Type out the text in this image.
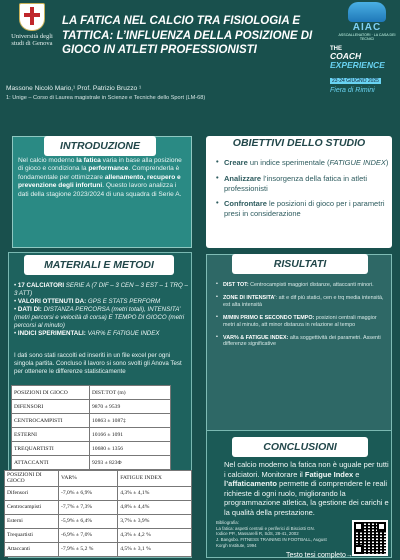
Università degli studi di Genova
LA FATICA NEL CALCIO TRA FISIOLOGIA E TATTICA: L’INFLUENZA DELLA POSIZIONE DI GIOCO IN ATLETI PROFESSIONISTI
AIAC
ASSOALLENATORI · LA CASA DEI TECNICI
THE
COACH
EXPERIENCE
23·24 GIUGNO 2025
Fiera di Rimini
Massone Nicolò Mario,¹ Prof. Patrizio Bruzzo ¹
1: Unige – Corso di Laurea magistrale in Scienze e Tecniche dello Sport (LM-68)
INTRODUZIONE
Nel calcio moderno la fatica varia in base alla posizione di gioco e condiziona la performance. Comprenderla è fondamentale per ottimizzare allenamento, recupero e prevenzione degli infortuni. Questo lavoro analizza i dati della stagione 2023/2024 di una squadra di Serie A.
OBIETTIVI DELLO STUDIO
• Creare un indice sperimentale (FATIGUE INDEX)
• Analizzare l’insorgenza della fatica in atleti professionisti
• Confrontare le posizioni di gioco per i parametri presi in considerazione
MATERIALI E METODI
• 17 CALCIATORI SERIE A (7 DIF – 3 CEN – 3 EST – 1 TRQ – 3 ATT)
• VALORI OTTENUTI DA: GPS E STATS PERFORM
• DATI DI: DISTANZA PERCORSA (metri totali), INTENSITA’ (metri percorsi e velocità di corsa) E TEMPO DI GIOCO (metri percorsi al minuto)
• INDICI SPERIMENTALI: VAR% E FATIGUE INDEX
I dati sono stati raccolti ed inseriti in un file excel per ogni singola partita. Concluso il lavoro si sono svolti gli Anova Test per ottenere le differenze statisticamente
POSIZIONI DI GIOCO	DIST.TOT (m)
DIFENSORI	9870 ± 9539
CENTROCAMPISTI	10863 ± 1087‡
ESTERNI	10166 ± 1091
TREQUARTISTI	10680 ± 1356
ATTACCANTI	9293 ± 823Φ
POSIZIONI DI GIOCO	VAR%	FATIGUE INDEX
Difensori	-7,0% ± 6,9%	4,3% ± 4,1%
Centrocampisti	-7,7% ± 7,3%	4,8% ± 4,4%
Esterni	-5,9% ± 6,4%	3,7% ± 3,9%
Trequartisti	-6,9% ± 7,0%	4,3% ± 4,2 %
Attaccanti	-7,9% ± 5,2 %	4,5% ± 3,1 %
RISULTATI
• DIST TOT: Centrocampisti maggiori distanze, attaccanti minori.
• ZONE DI INTENSITA’: att e dif più statici, cen e trq media intensità, est alta intensità
• M/MIN PRIMO E SECONDO TEMPO: posizioni centrali maggior metri al minuto, att minor distanza in relazione al tempo
• VAR% & FATIGUE INDEX: alta soggettività dei parametri. Assenti differenze significative
CONCLUSIONI
Nel calcio moderno la fatica non è uguale per tutti i calciatori. Monitorare il Fatigue Index e l’affaticamento permette di comprendere le reali richieste di ogni ruolo, migliorando la programmazione atletica, la gestione dei carichi e la qualità della prestazione.
Bibliografia:
La fatica: aspetti centrali e periferici di Bisciotti GN.
Iodice PP., Massarelli R, SdS, 28-41, 2002
J. Bangsbo. FITNESS TRAINING IN FOOTBALL, August
Korgh Institute, 1994
Testo tesi completo→
